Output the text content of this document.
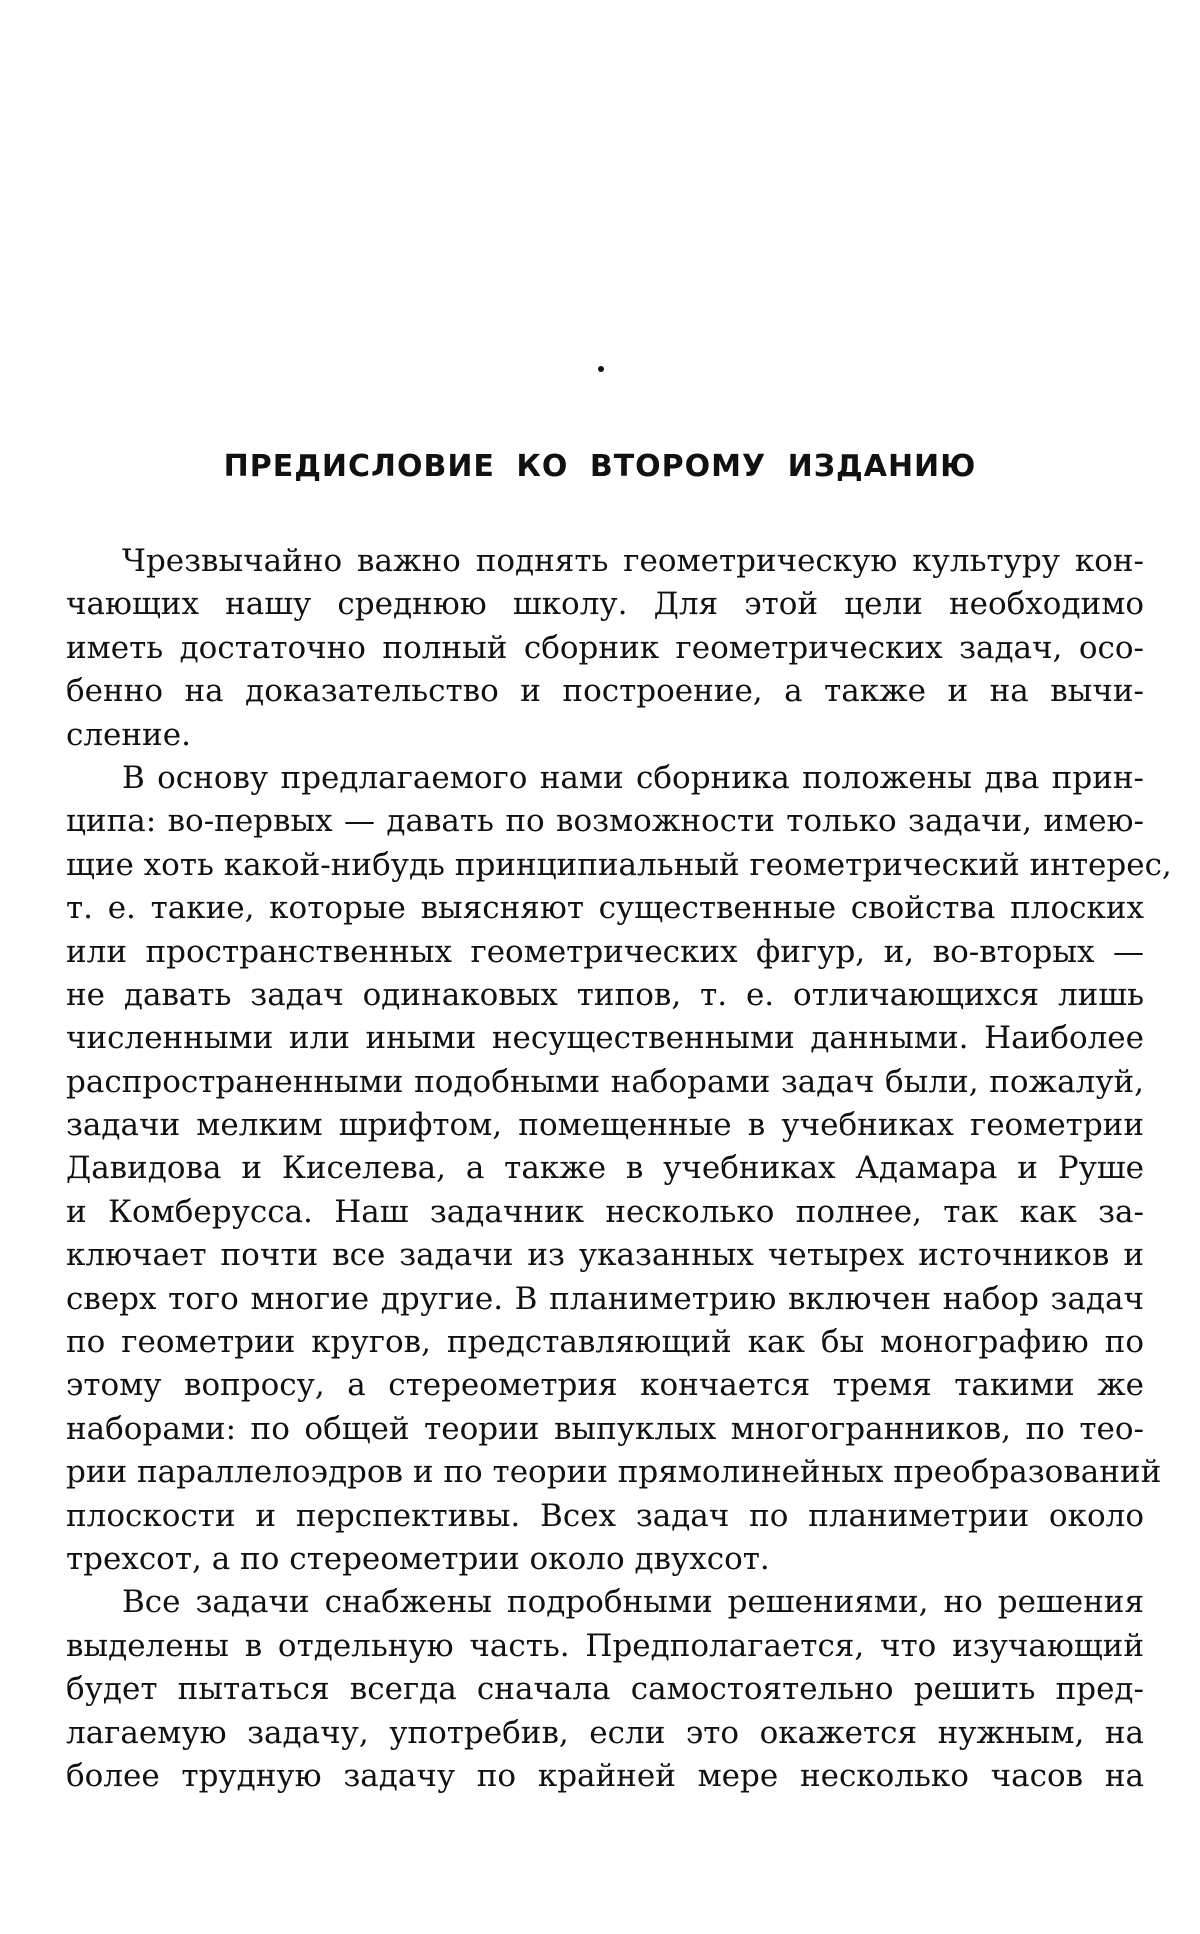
ПРЕДИСЛОВИЕ КО ВТОРОМУ ИЗДАНИЮ
Чрезвычайно важно поднять геометрическую культуру кон-
чающих нашу среднюю школу. Для этой цели необходимо
иметь достаточно полный сборник геометрических задач, осо-
бенно на доказательство и построение, а также и на вычи-
сление.
В основу предлагаемого нами сборника положены два прин-
ципа: во-первых — давать по возможности только задачи, имею-
щие хоть какой-нибудь принципиальный геометрический интерес,
т. е. такие, которые выясняют существенные свойства плоских
или пространственных геометрических фигур, и, во-вторых —
не давать задач одинаковых типов, т. е. отличающихся лишь
численными или иными несущественными данными. Наиболее
распространенными подобными наборами задач были, пожалуй,
задачи мелким шрифтом, помещенные в учебниках геометрии
Давидова и Киселева, а также в учебниках Адамара и Руше
и Комберусса. Наш задачник несколько полнее, так как за-
ключает почти все задачи из указанных четырех источников и
сверх того многие другие. В планиметрию включен набор задач
по геометрии кругов, представляющий как бы монографию по
этому вопросу, а стереометрия кончается тремя такими же
наборами: по общей теории выпуклых многогранников, по тео-
рии параллелоэдров и по теории прямолинейных преобразований
плоскости и перспективы. Всех задач по планиметрии около
трехсот, а по стереометрии около двухсот.
Все задачи снабжены подробными решениями, но решения
выделены в отдельную часть. Предполагается, что изучающий
будет пытаться всегда сначала самостоятельно решить пред-
лагаемую задачу, употребив, если это окажется нужным, на
более трудную задачу по крайней мере несколько часов на
